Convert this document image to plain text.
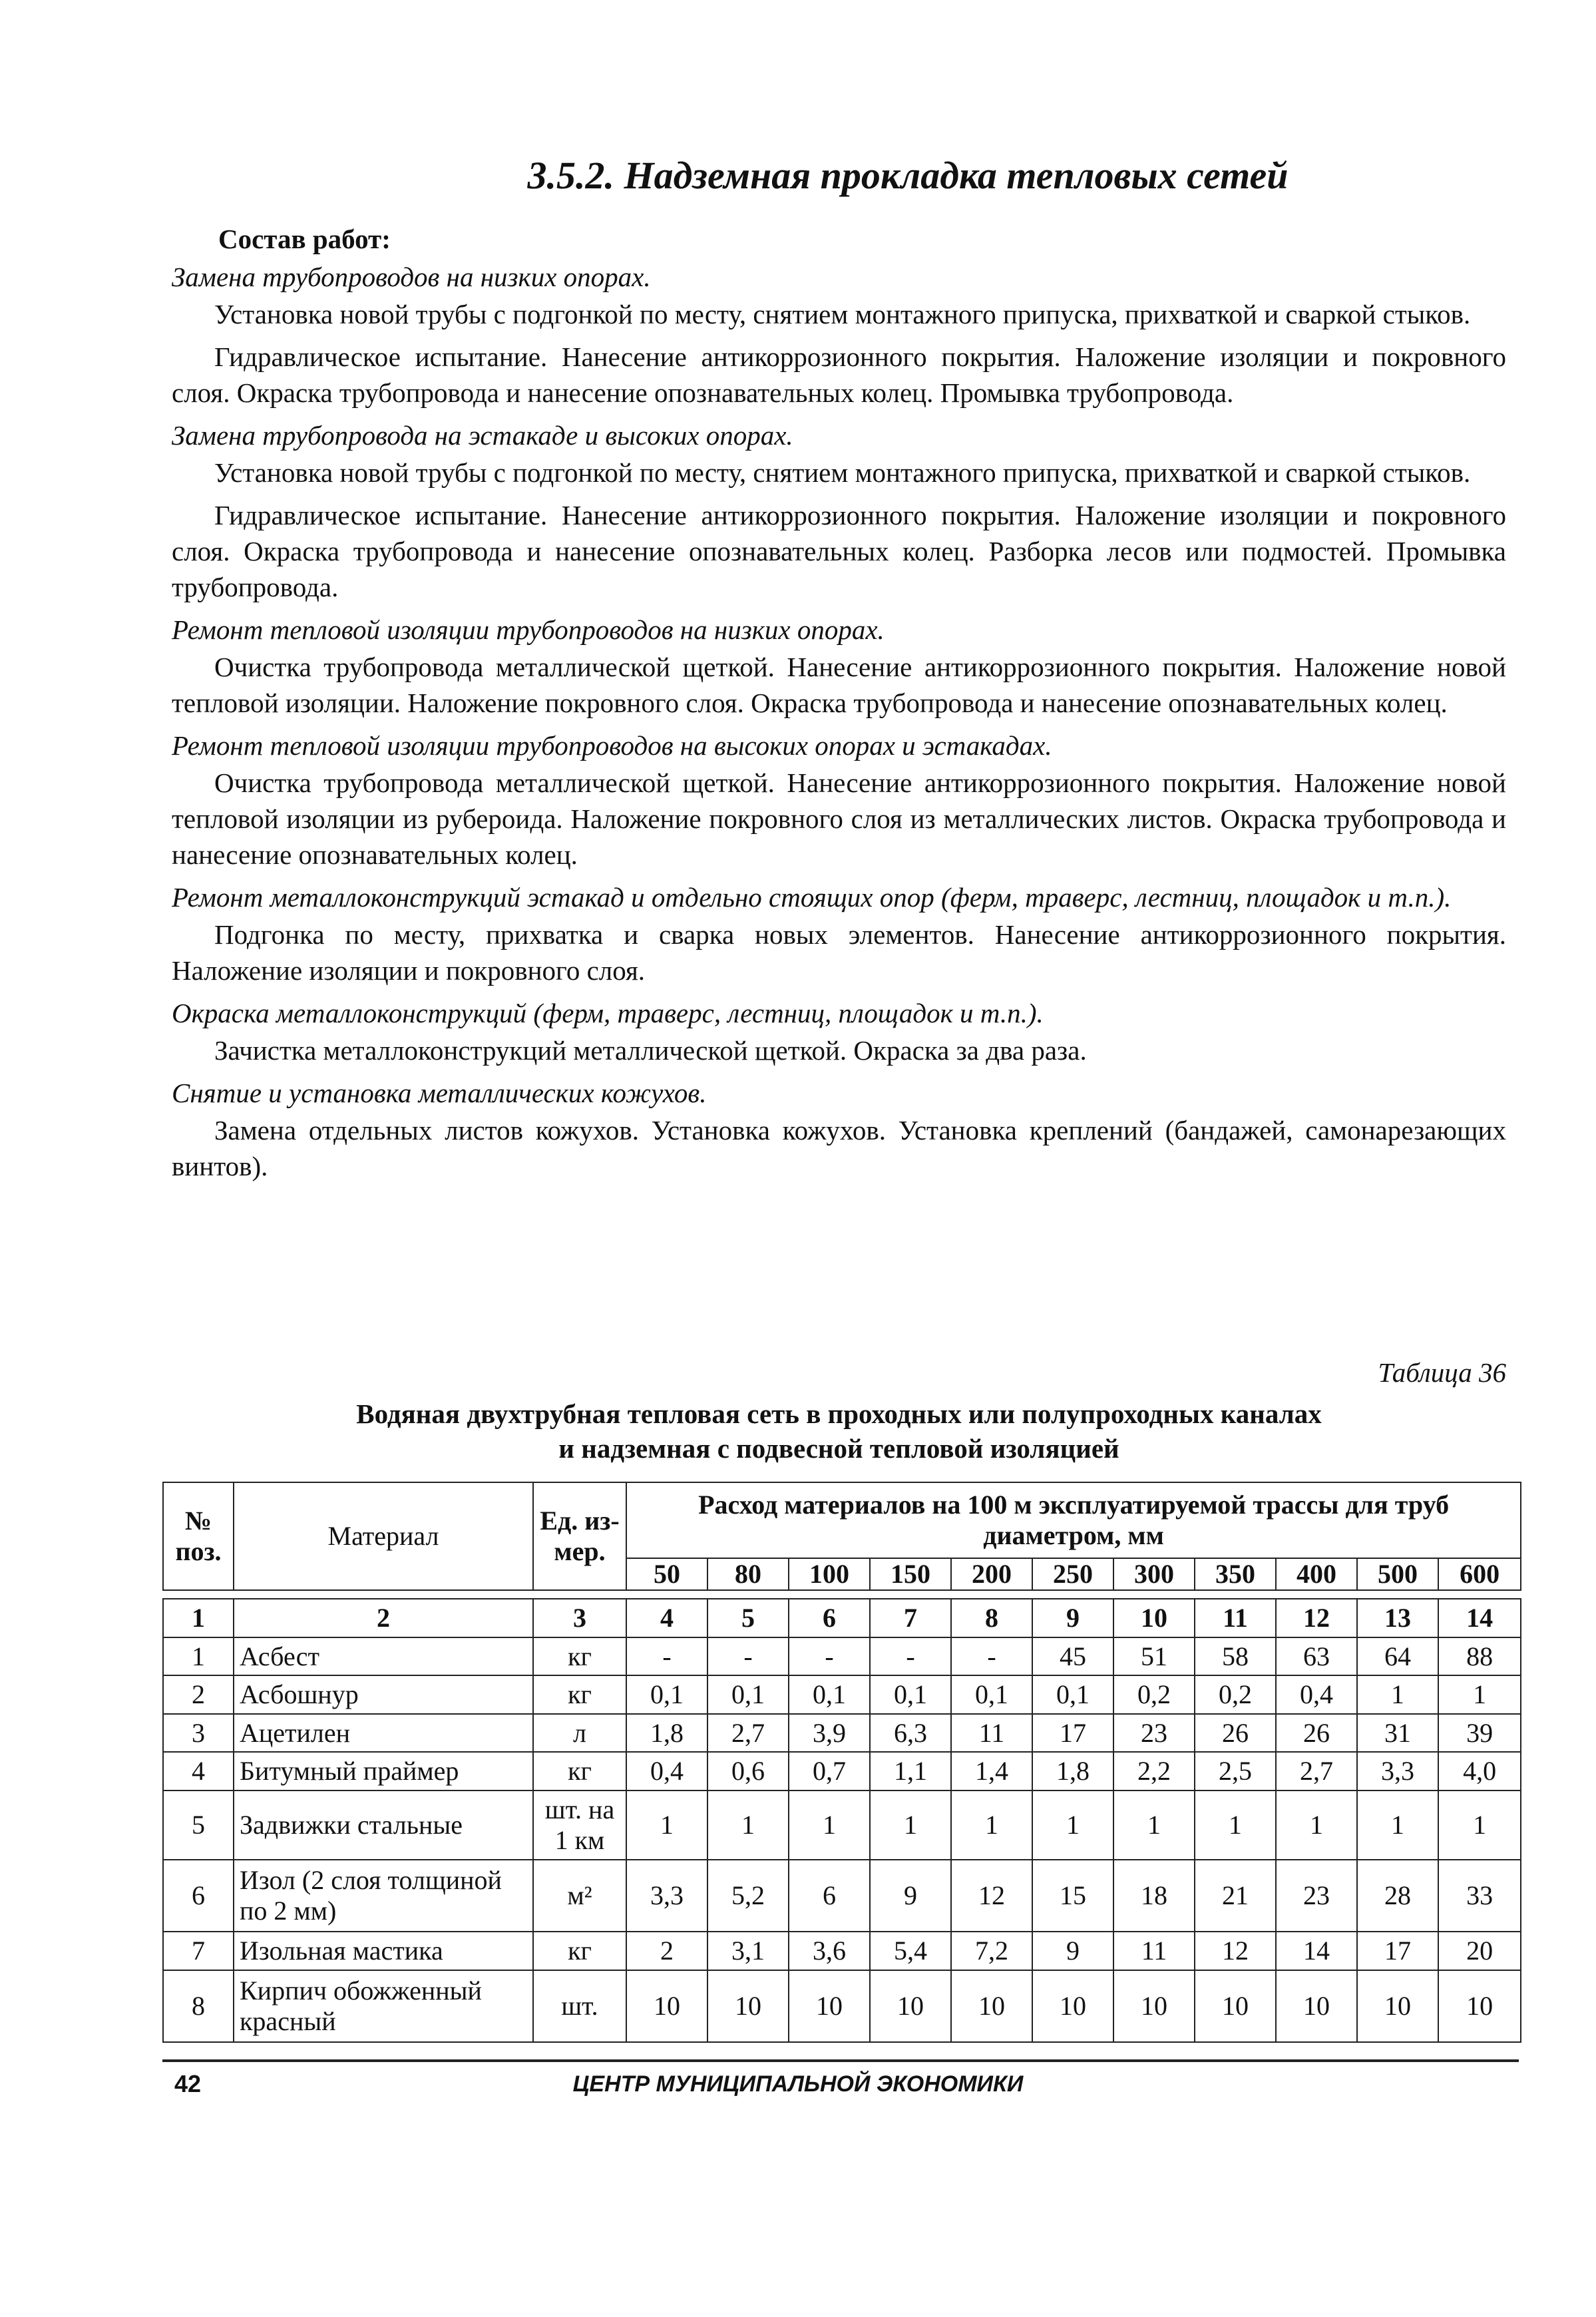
3.5.2. Надземная прокладка тепловых сетей
Состав работ:
Замена трубопроводов на низких опорах.

Установка новой трубы с подгонкой по месту, снятием монтажного припуска, прихваткой и сваркой стыков.

Гидравлическое испытание. Нанесение антикоррозионного покрытия. Наложение изоляции и покровного слоя. Окраска трубопровода и нанесение опознавательных колец. Промывка трубопровода.

Замена трубопровода на эстакаде и высоких опорах.

Установка новой трубы с подгонкой по месту, снятием монтажного припуска, прихваткой и сваркой стыков.

Гидравлическое испытание. Нанесение антикоррозионного покрытия. Наложение изоляции и покровного слоя. Окраска трубопровода и нанесение опознавательных колец. Разборка лесов или подмостей. Промывка трубопровода.

Ремонт тепловой изоляции трубопроводов на низких опорах.

Очистка трубопровода металлической щеткой. Нанесение антикоррозионного покрытия. Наложение новой тепловой изоляции. Наложение покровного слоя. Окраска трубопровода и нанесение опознавательных колец.

Ремонт тепловой изоляции трубопроводов на высоких опорах и эстакадах.

Очистка трубопровода металлической щеткой. Нанесение антикоррозионного покрытия. Наложение новой тепловой изоляции из рубероида. Наложение покровного слоя из металлических листов. Окраска трубопровода и нанесение опознавательных колец.

Ремонт металлоконструкций эстакад и отдельно стоящих опор (ферм, траверс, лестниц, площадок и т.п.).

Подгонка по месту, прихватка и сварка новых элементов. Нанесение антикоррозионного покрытия. Наложение изоляции и покровного слоя.

Окраска металлоконструкций (ферм, траверс, лестниц, площадок и т.п.).

Зачистка металлоконструкций металлической щеткой. Окраска за два раза.

Снятие и установка металлических кожухов.

Замена отдельных листов кожухов. Установка кожухов. Установка креплений (бандажей, самонарезающих винтов).

Таблица 36
Водяная двухтрубная тепловая сеть в проходных или полупроходных каналах
и надземная с подвесной тепловой изоляцией
№ поз.	Материал	Ед. из- мер.	Расход материалов на 100 м эксплуатируемой трассы для труб диаметром, мм										
			50	80	100	150	200	250	300	350	400	500	600

1	2	3	4	5	6	7	8	9	10	11	12	13	14
1	Асбест	кг	-	-	-	-	-	45	51	58	63	64	88
2	Асбошнур	кг	0,1	0,1	0,1	0,1	0,1	0,1	0,2	0,2	0,4	1	1
3	Ацетилен	л	1,8	2,7	3,9	6,3	11	17	23	26	26	31	39
4	Битумный праймер	кг	0,4	0,6	0,7	1,1	1,4	1,8	2,2	2,5	2,7	3,3	4,0
5	Задвижки стальные	шт. на 1 км	1	1	1	1	1	1	1	1	1	1	1
6	Изол (2 слоя толщиной по 2 мм)	м²	3,3	5,2	6	9	12	15	18	21	23	28	33
7	Изольная мастика	кг	2	3,1	3,6	5,4	7,2	9	11	12	14	17	20
8	Кирпич обожженный красный	шт.	10	10	10	10	10	10	10	10	10	10	10
42	ЦЕНТР МУНИЦИПАЛЬНОЙ ЭКОНОМИКИ
